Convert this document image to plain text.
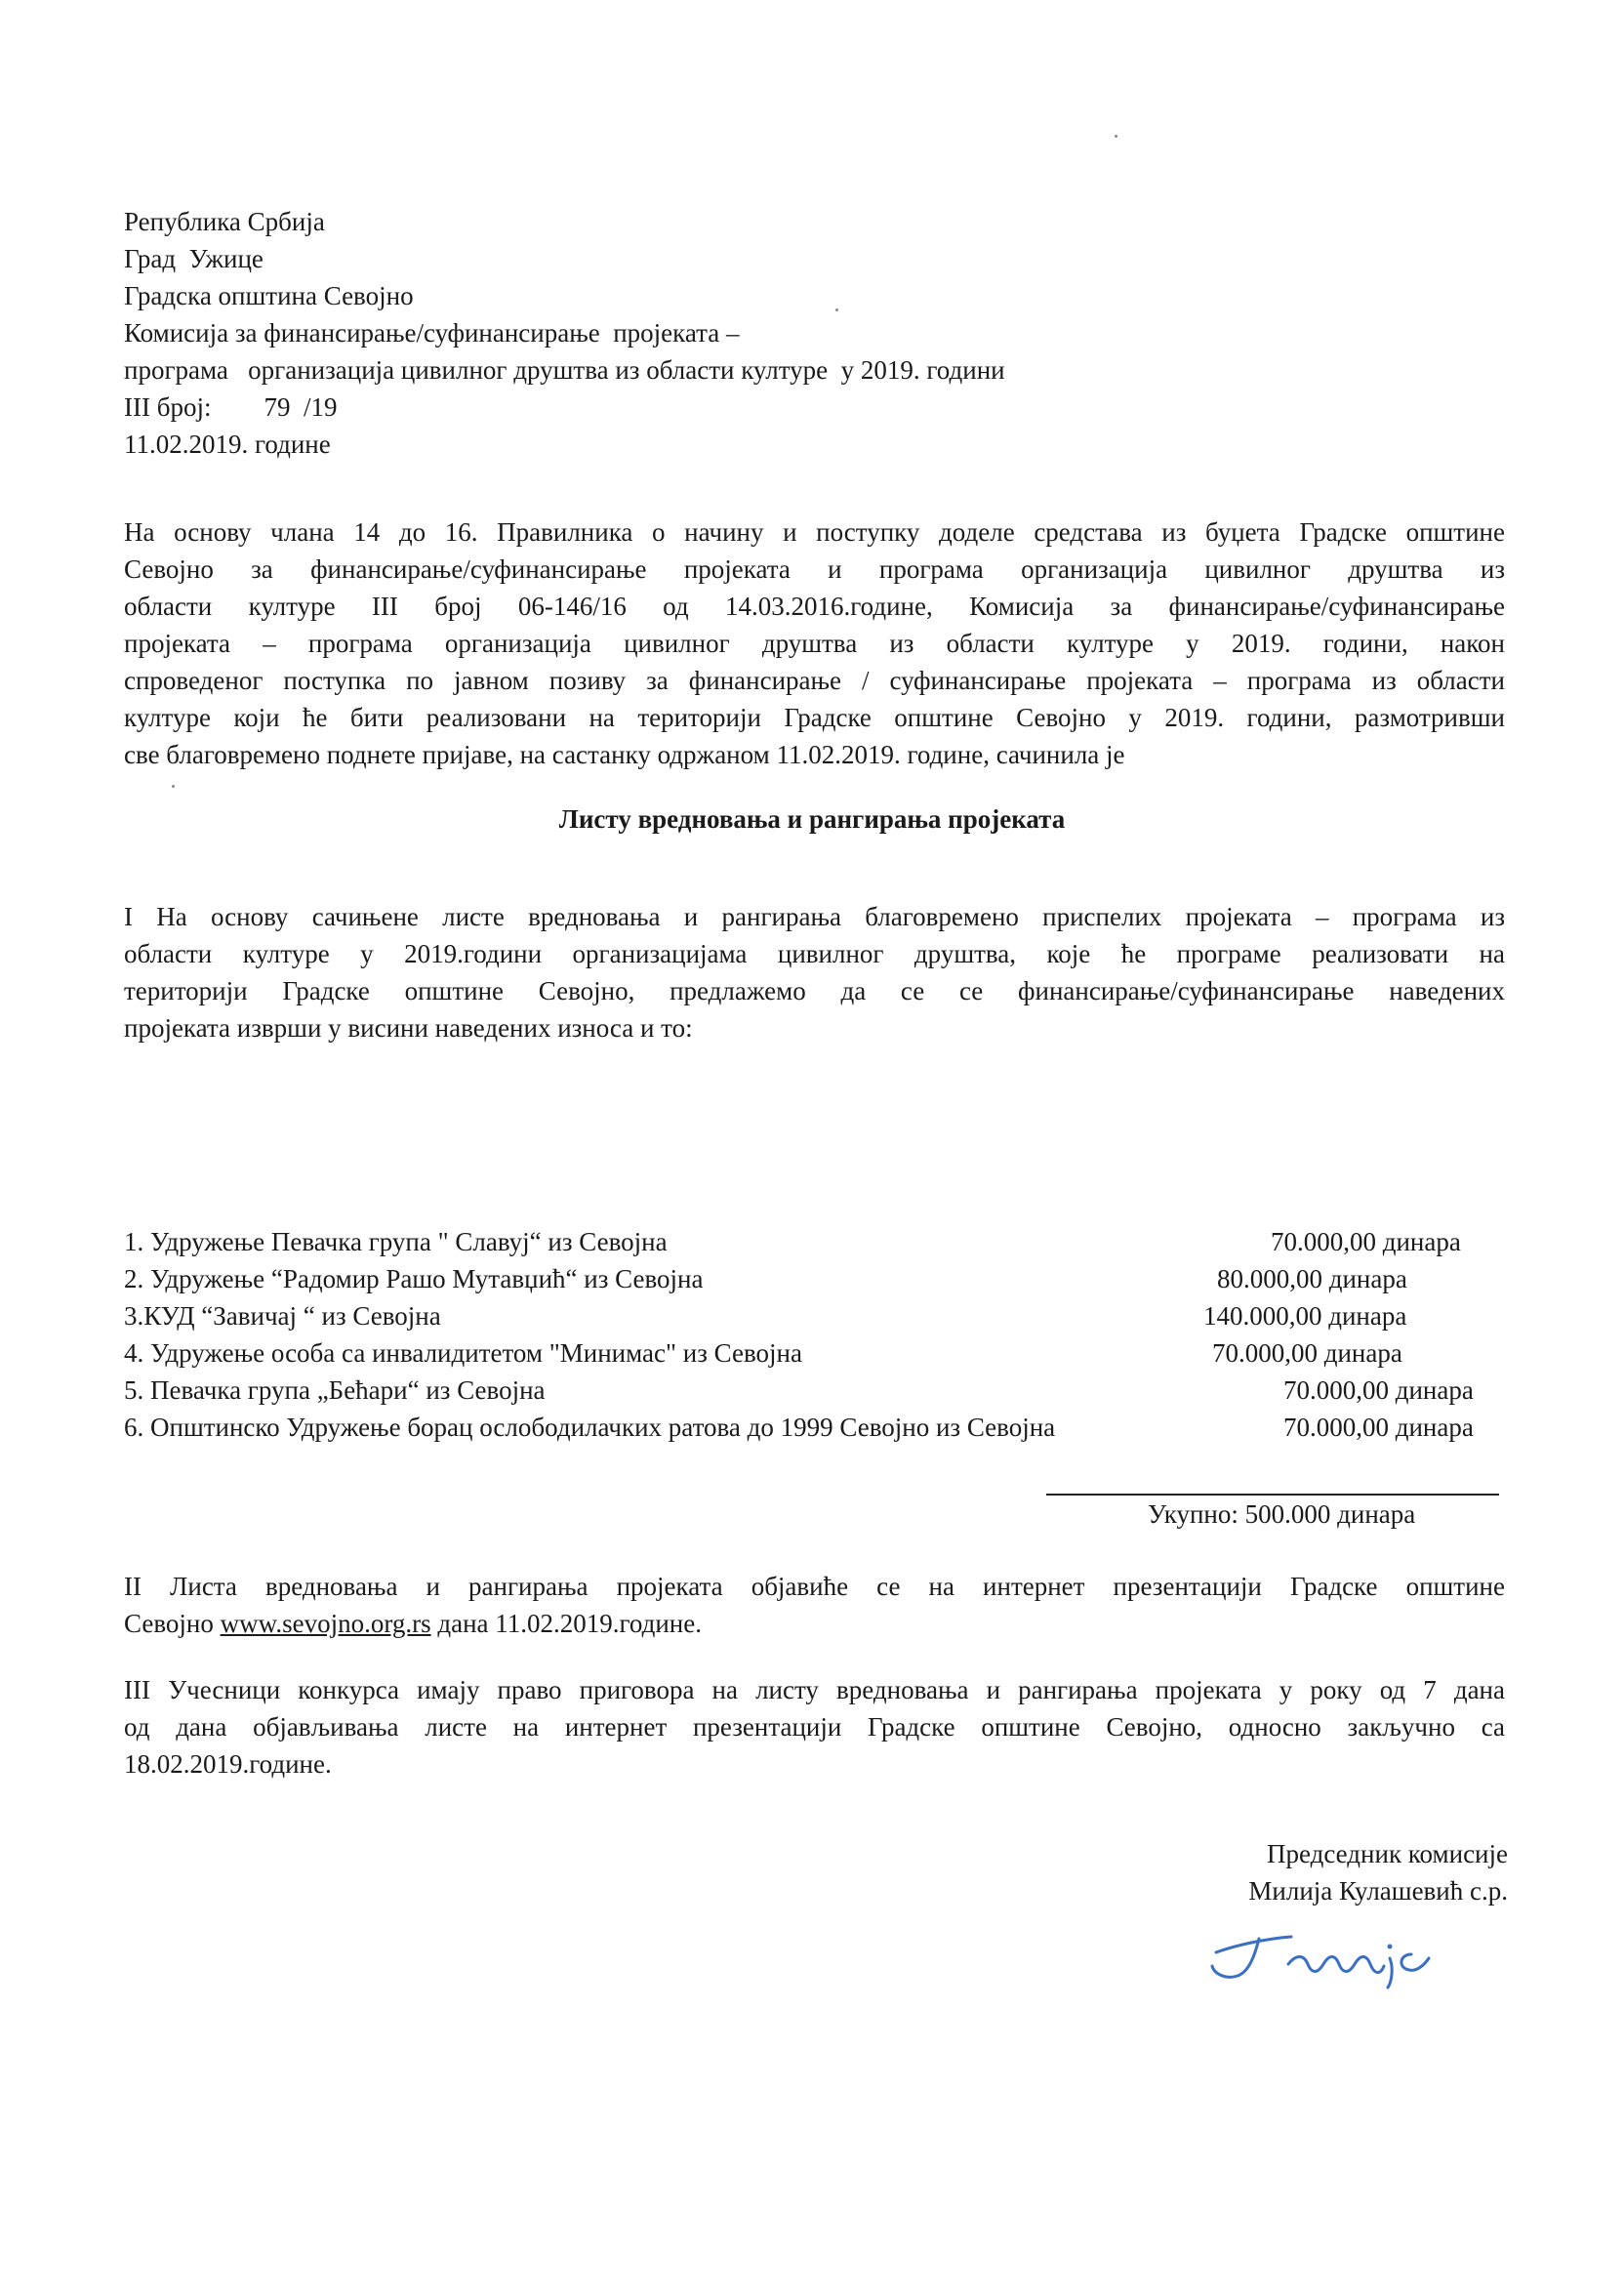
Република Србија
Град  Ужице
Градска општина Севојно
Комисија за финансирање/суфинансирање  пројеката –
програма   организација цивилног друштва из области културе  у 2019. години
III број:        79  /19
11.02.2019. године
На основу члана 14 до 16. Правилника о начину и поступку доделе средстава из буџета Градске општине
Севојно за финансирање/суфинансирање пројеката и програма организација цивилног друштва из
области културе III број 06-146/16 од 14.03.2016.године, Комисија за финансирање/суфинансирање
пројеката – програма организација цивилног друштва из области културе у 2019. години, након
спроведеног поступка по јавном позиву за финансирање / суфинансирање пројеката – програма из области
културе који ће бити реализовани на територији Градске општине Севојно у 2019. години, размотривши
све благовремено поднете пријаве, на састанку одржаном 11.02.2019. године, сачинила је
Листу вредновања и рангирања пројеката
I На основу сачињене листе вредновања и рангирања благовремено приспелих пројеката – програма из
области културе у 2019.години организацијама цивилног друштва, које ће програме реализовати на
територији Градске општине Севојно, предлажемо да се се финансирање/суфинансирање наведених
пројеката изврши у висини наведених износа и то:
1. Удружење Певачка група " Славуј“ из Севојна	70.000,00 динара
2. Удружење “Радомир Рашо Мутавџић“ из Севојна	80.000,00 динара
3.КУД “Завичај “ из Севојна	140.000,00 динара
4. Удружење особа са инвалидитетом "Минимас" из Севојна	70.000,00 динара
5. Певачка група „Бећари“ из Севојна	70.000,00 динара
6. Општинско Удружење борац ослободилачких ратова до 1999 Севојно из Севојна	70.000,00 динара
Укупно: 500.000 динара
II Листа вредновања и рангирања пројеката објавиће се на интернет презентацији Градске општине
Севојно www.sevojno.org.rs дана 11.02.2019.године.
III Учесници конкурса имају право приговора на листу вредновања и рангирања пројеката у року од 7 дана
од дана објављивања листе на интернет презентацији Градске општине Севојно, односно закључно са
18.02.2019.године.
Председник комисије
Милија Кулашевић с.р.
